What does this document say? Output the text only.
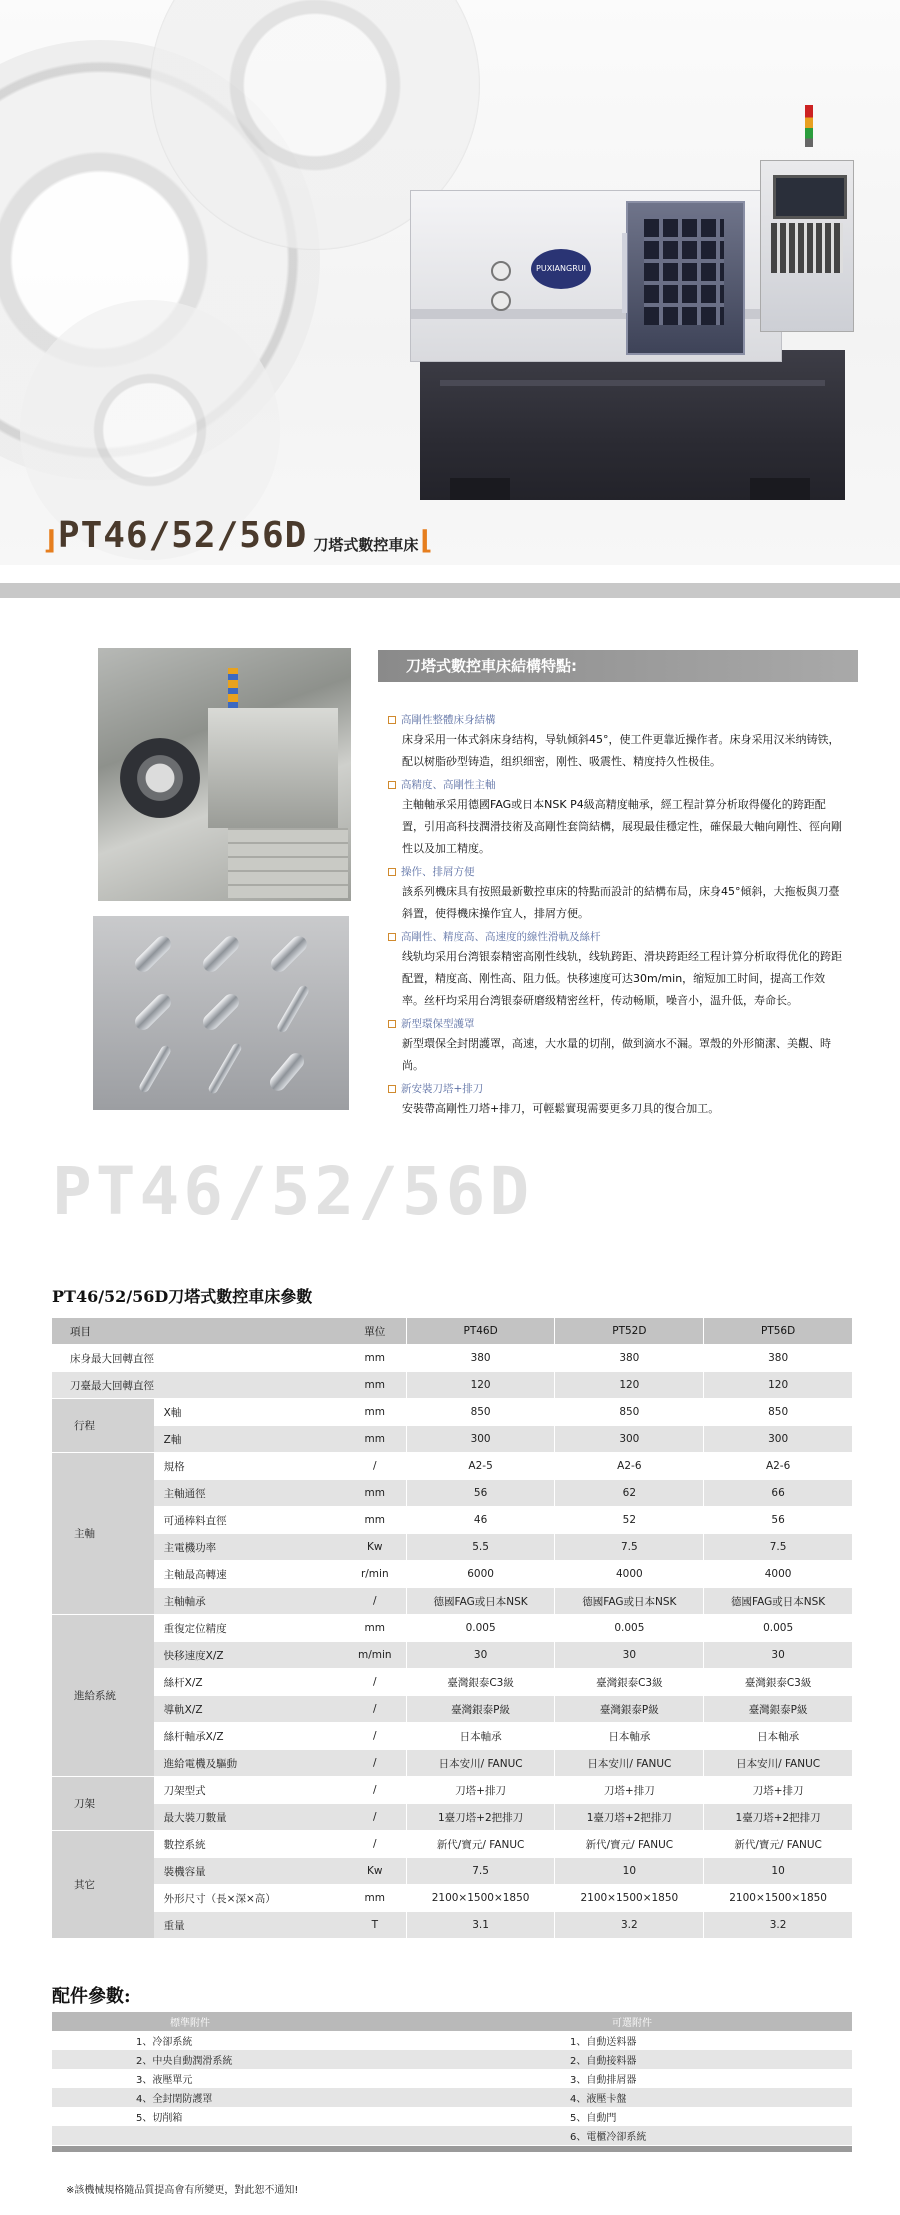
PUXIANGRUI
⌋ PT46/52/56D 刀塔式數控車床 ⌊
刀塔式數控車床結構特點:
高剛性整體床身結構
床身采用一体式斜床身结构，导轨倾斜45°，使工件更靠近操作者。床身采用汉米纳铸铁，配以树脂砂型铸造，组织细密，刚性、吸震性、精度持久性极佳。
高精度、高剛性主軸
主軸軸承采用德國FAG或日本NSK P4級高精度軸承，經工程計算分析取得優化的跨距配置，引用高科技潤滑技術及高剛性套筒結構，展現最佳穩定性，確保最大軸向剛性、徑向剛性以及加工精度。
操作、排屑方便
該系列機床具有按照最新數控車床的特點而設計的結構布局，床身45°傾斜，大拖板與刀臺斜置，使得機床操作宜人，排屑方便。
高剛性、精度高、高速度的線性滑軌及絲杆
线轨均采用台湾银泰精密高刚性线轨，线轨跨距、滑块跨距经工程计算分析取得优化的跨距配置，精度高、刚性高、阻力低。快移速度可达30m/min，缩短加工时间，提高工作效率。丝杆均采用台湾银泰研磨级精密丝杆，传动畅顺，噪音小，温升低，寿命长。
新型環保型護罩
新型環保全封閉護罩，高速，大水量的切削，做到滴水不漏。罩殼的外形簡潔、美觀、時尚。
新安裝刀塔+排刀
安裝帶高剛性刀塔+排刀，可輕鬆實現需要更多刀具的復合加工。
PT46/52/56D
PT46/52/56D刀塔式數控車床參數
項目		單位	PT46D	PT52D	PT56D
床身最大回轉直徑		mm	380	380	380
刀臺最大回轉直徑		mm	120	120	120
行程	X軸	mm	850	850	850
	Z軸	mm	300	300	300
主軸	規格	/	A2-5	A2-6	A2-6
	主軸通徑	mm	56	62	66
	可通棒料直徑	mm	46	52	56
	主電機功率	Kw	5.5	7.5	7.5
	主軸最高轉速	r/min	6000	4000	4000
	主軸軸承	/	德國FAG或日本NSK	德國FAG或日本NSK	德國FAG或日本NSK
進給系統	重復定位精度	mm	0.005	0.005	0.005
	快移速度X/Z	m/min	30	30	30
	絲杆X/Z	/	臺灣銀泰C3級	臺灣銀泰C3級	臺灣銀泰C3級
	導軌X/Z	/	臺灣銀泰P級	臺灣銀泰P級	臺灣銀泰P級
	絲杆軸承X/Z	/	日本軸承	日本軸承	日本軸承
	進給電機及驅動	/	日本安川/ FANUC	日本安川/ FANUC	日本安川/ FANUC
刀架	刀架型式	/	刀塔+排刀	刀塔+排刀	刀塔+排刀
	最大裝刀數量	/	1臺刀塔+2把排刀	1臺刀塔+2把排刀	1臺刀塔+2把排刀
其它	數控系統	/	新代/寶元/ FANUC	新代/寶元/ FANUC	新代/寶元/ FANUC
	裝機容量	Kw	7.5	10	10
	外形尺寸（長×深×高）	mm	2100×1500×1850	2100×1500×1850	2100×1500×1850
	重量	T	3.1	3.2	3.2
配件參數:
標準附件	可選附件
1、冷卻系統	1、自動送料器
2、中央自動潤滑系統	2、自動接料器
3、液壓單元	3、自動排屑器
4、全封閉防護罩	4、液壓卡盤
5、切削箱	5、自動門
	6、電櫃冷卻系統
※該機械規格隨品質提高會有所變更，對此恕不通知!
